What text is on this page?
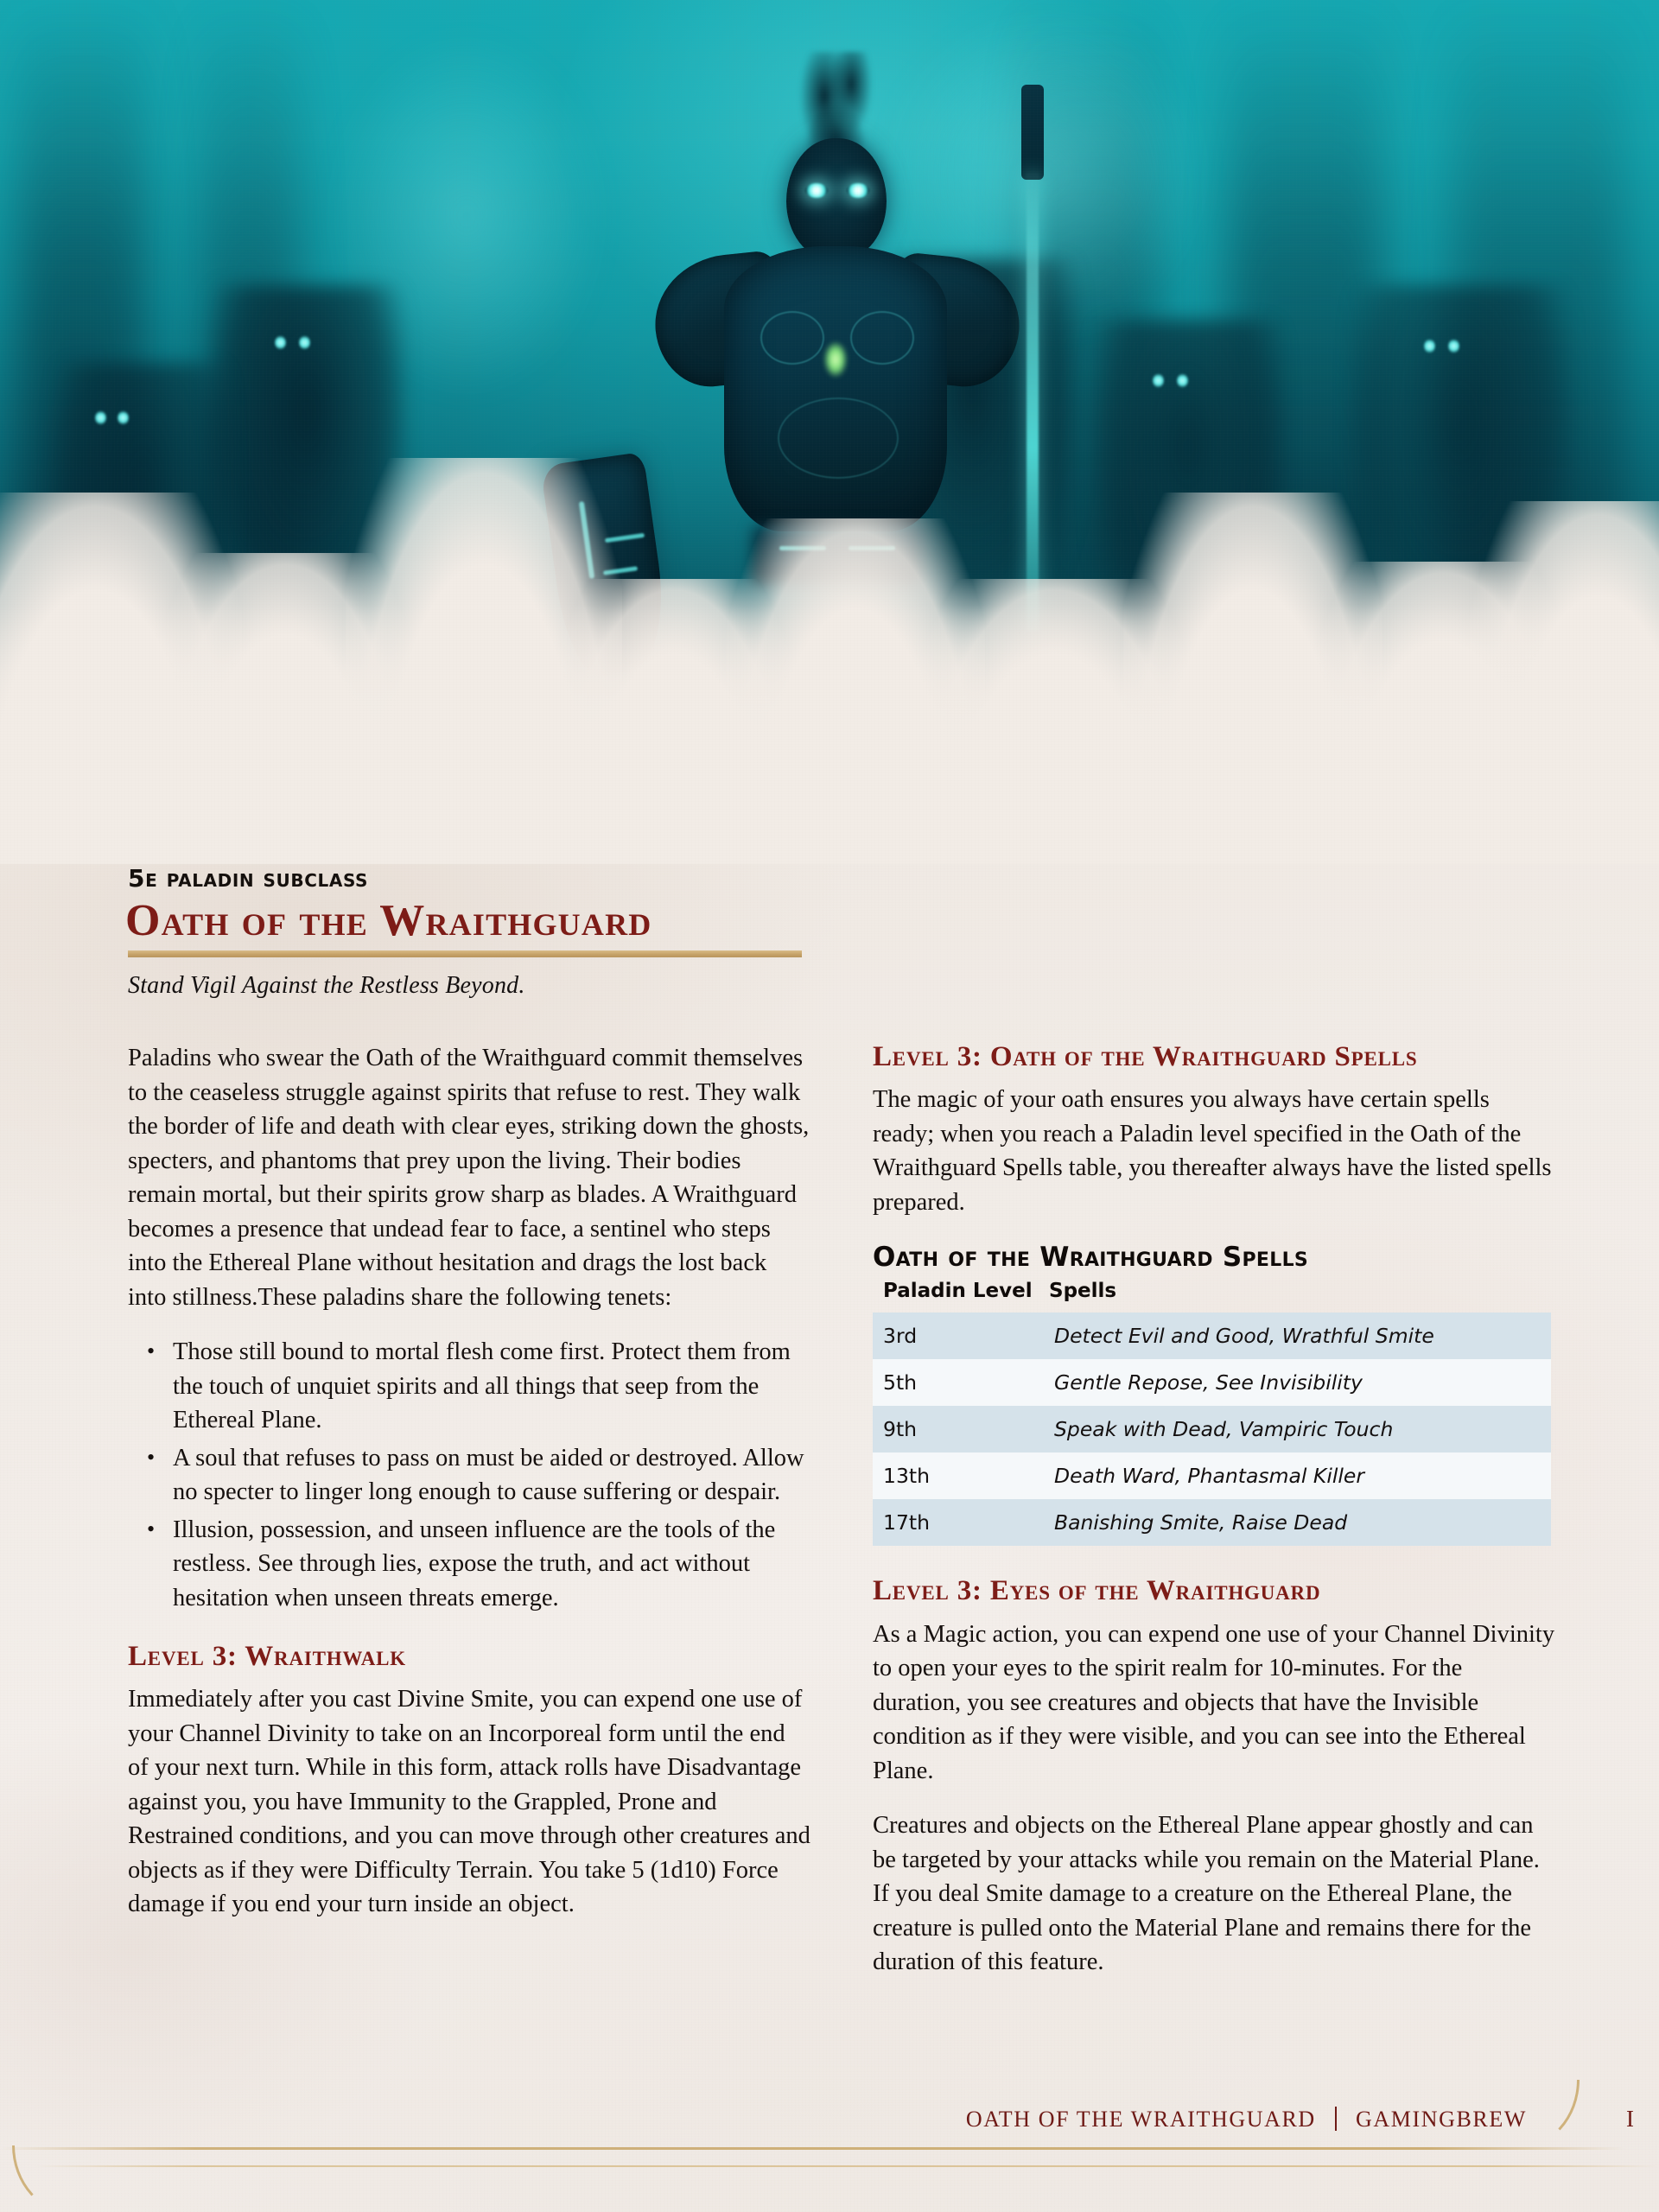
5e paladin subclass
Oath of the Wraithguard
Stand Vigil Against the Restless Beyond.

Paladins who swear the Oath of the Wraithguard commit themselves to the ceaseless struggle against spirits that refuse to rest. They walk the border of life and death with clear eyes, striking down the ghosts, specters, and phantoms that prey upon the living. Their bodies remain mortal, but their spirits grow sharp as blades. A Wraithguard becomes a presence that undead fear to face, a sentinel who steps into the Ethereal Plane without hesitation and drags the lost back into stillness.These paladins share the following tenets:

• Those still bound to mortal flesh come first. Protect them from the touch of unquiet spirits and all things that seep from the Ethereal Plane.
• A soul that refuses to pass on must be aided or destroyed. Allow no specter to linger long enough to cause suffering or despair.
• Illusion, possession, and unseen influence are the tools of the restless. See through lies, expose the truth, and act without hesitation when unseen threats emerge.
Level 3: Wraithwalk

Immediately after you cast Divine Smite, you can expend one use of your Channel Divinity to take on an Incorporeal form until the end of your next turn. While in this form, attack rolls have Disadvantage against you, you have Immunity to the Grappled, Prone and Restrained conditions, and you can move through other creatures and objects as if they were Difficulty Terrain. You take 5 (1d10) Force damage if you end your turn inside an object.

Level 3: Oath of the Wraithguard Spells

The magic of your oath ensures you always have certain spells ready; when you reach a Paladin level specified in the Oath of the Wraithguard Spells table, you thereafter always have the listed spells prepared.

Oath of the Wraithguard Spells
Paladin Level	Spells
3rd	Detect Evil and Good, Wrathful Smite
5th	Gentle Repose, See Invisibility
9th	Speak with Dead, Vampiric Touch
13th	Death Ward, Phantasmal Killer
17th	Banishing Smite, Raise Dead
Level 3: Eyes of the Wraithguard

As a Magic action, you can expend one use of your Channel Divinity to open your eyes to the spirit realm for 10-minutes. For the duration, you see creatures and objects that have the Invisible condition as if they were visible, and you can see into the Ethereal Plane.

Creatures and objects on the Ethereal Plane appear ghostly and can be targeted by your attacks while you remain on the Material Plane. If you deal Smite damage to a creature on the Ethereal Plane, the creature is pulled onto the Material Plane and remains there for the duration of this feature.

OATH OF THE WRAITHGUARD GAMINGBREW	I
